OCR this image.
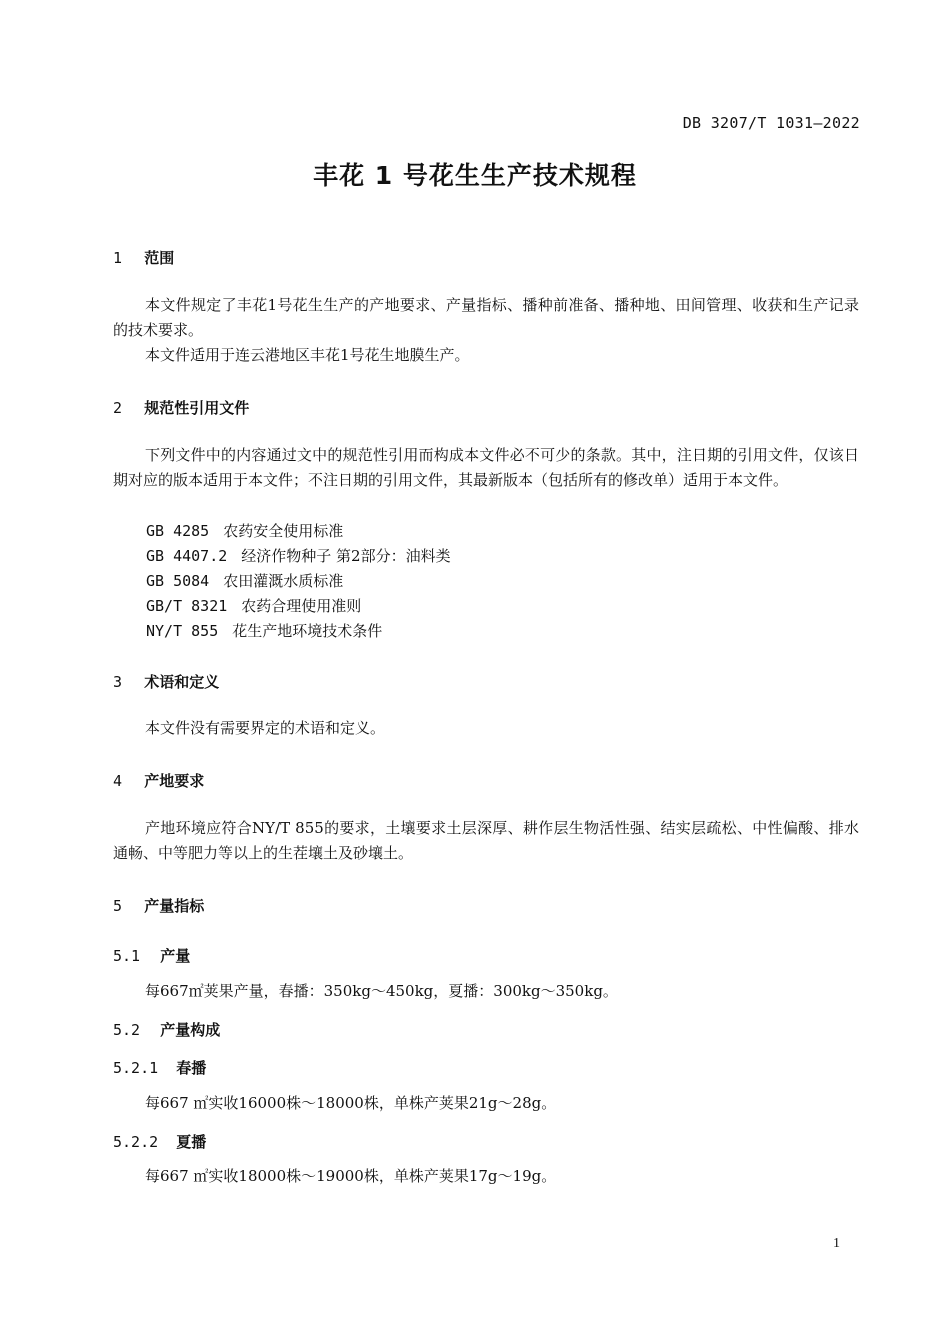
DB 3207/T 1031—2022
丰花 1 号花生生产技术规程
1 范围
本文件规定了丰花1号花生生产的产地要求、产量指标、播种前准备、播种地、田间管理、收获和生产记录的技术要求。
本文件适用于连云港地区丰花1号花生地膜生产。
2 规范性引用文件
下列文件中的内容通过文中的规范性引用而构成本文件必不可少的条款。其中，注日期的引用文件，仅该日期对应的版本适用于本文件；不注日期的引用文件，其最新版本（包括所有的修改单）适用于本文件。
GB 4285 农药安全使用标准
GB 4407.2 经济作物种子 第2部分：油料类
GB 5084 农田灌溉水质标准
GB/T 8321 农药合理使用准则
NY/T 855 花生产地环境技术条件
3 术语和定义
本文件没有需要界定的术语和定义。
4 产地要求
产地环境应符合NY/T 855的要求，土壤要求土层深厚、耕作层生物活性强、结实层疏松、中性偏酸、排水通畅、中等肥力等以上的生茬壤土及砂壤土。
5 产量指标
5.1 产量
每667㎡荚果产量，春播：350kg～450kg，夏播：300kg～350kg。
5.2 产量构成
5.2.1 春播
每667 ㎡实收16000株～18000株，单株产荚果21g～28g。
5.2.2 夏播
每667 ㎡实收18000株～19000株，单株产荚果17g～19g。
1
